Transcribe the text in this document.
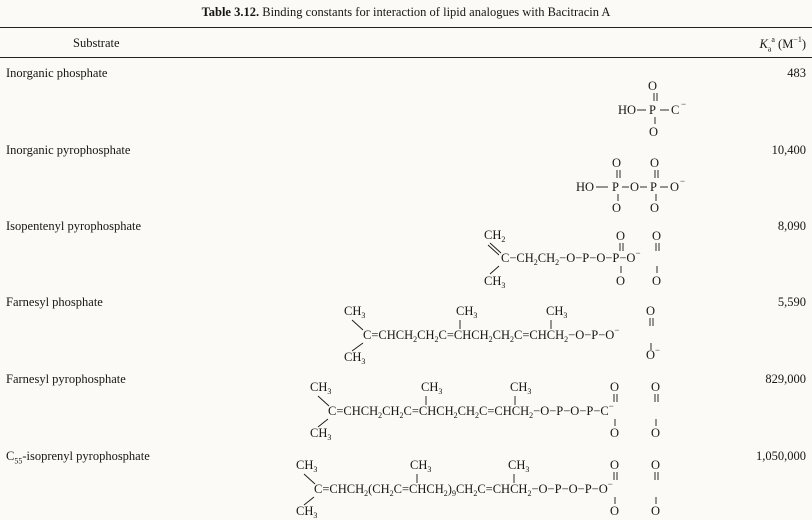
Table 3.12. Binding constants for interaction of lipid analogues with Bacitracin A
Substrate	$K_a^a$ $(M^{-1})$
Inorganic phosphate	483
Inorganic pyrophosphate	10,400
Isopentenyl pyrophosphate	8,090
Farnesyl phosphate	5,590
Farnesyl pyrophosphate	829,000
$C_{55}$-isoprenyl pyrophosphate	1,050,000
O
HO P C −
O
O O
HO P O P O −
O O
$CH_2$
$C-CH_2CH_2-O-P-O-P-O^-$
$CH_3$
O O
O O
$CH_3$	$CH_3$	$CH_3$	O
$C=CHCH_2CH_2C=CHCH_2CH_2C=CHCH_2-O-P-O^-$
$CH_3$	O−
$CH_3$	$CH_3$	$CH_3$	O	O
$C=CHCH_2CH_2C=CHCH_2CH_2C=CHCH_2-O-P-O-P-C^-$
$CH_3$	O	O
$CH_3$	$CH_3$	$CH_3$	O	O
$C=CHCH_2(CH_2C=CHCH_2)_9CH_2C=CHCH_2-O-P-O-P-O^-$
$CH_3$	O	O
